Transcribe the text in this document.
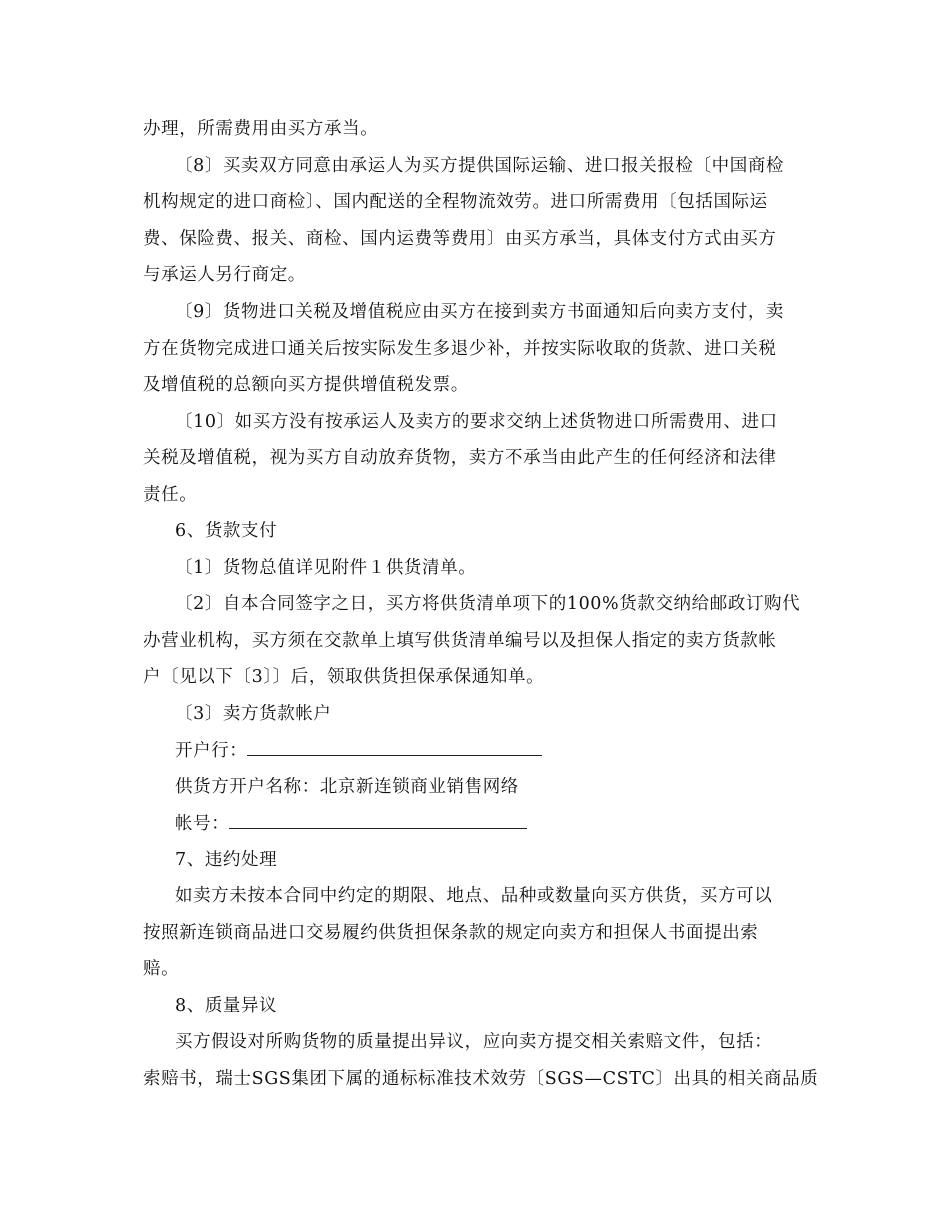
办理，所需费用由买方承当。
〔8〕买卖双方同意由承运人为买方提供国际运输、进口报关报检〔中国商检
机构规定的进口商检〕、国内配送的全程物流效劳。进口所需费用〔包括国际运
费、保险费、报关、商检、国内运费等费用〕由买方承当，具体支付方式由买方
与承运人另行商定。
〔9〕货物进口关税及增值税应由买方在接到卖方书面通知后向卖方支付，卖
方在货物完成进口通关后按实际发生多退少补，并按实际收取的货款、进口关税
及增值税的总额向买方提供增值税发票。
〔10〕如买方没有按承运人及卖方的要求交纳上述货物进口所需费用、进口
关税及增值税，视为买方自动放弃货物，卖方不承当由此产生的任何经济和法律
责任。
6、货款支付
〔1〕货物总值详见附件１供货清单。
〔2〕自本合同签字之日，买方将供货清单项下的100%货款交纳给邮政订购代
办营业机构，买方须在交款单上填写供货清单编号以及担保人指定的卖方货款帐
户〔见以下〔3〕〕后，领取供货担保承保通知单。
〔3〕卖方货款帐户
开户行：
供货方开户名称：北京新连锁商业销售网络
帐号：
7、违约处理
如卖方未按本合同中约定的期限、地点、品种或数量向买方供货，买方可以
按照新连锁商品进口交易履约供货担保条款的规定向卖方和担保人书面提出索
赔。
8、质量异议
买方假设对所购货物的质量提出异议，应向卖方提交相关索赔文件，包括：
索赔书，瑞士SGS集团下属的通标标准技术效劳〔SGS—CSTC〕出具的相关商品质
